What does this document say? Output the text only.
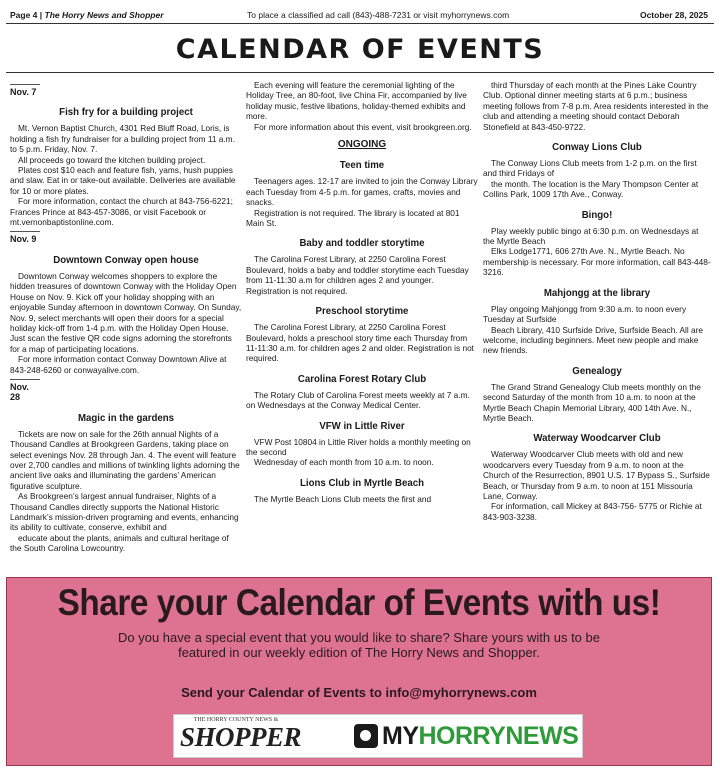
Page 4 | The Horry News and Shopper	To place a classified ad call (843)-488-7231 or visit myhorrynews.com	October 28, 2025
CALENDAR OF EVENTS
Nov. 7
Fish fry for a building project

Mt. Vernon Baptist Church, 4301 Red Bluff Road, Loris, is holding a fish fry fundraiser for a building project from 11 a.m. to 5 p.m. Friday, Nov. 7.

All proceeds go toward the kitchen building project.

Plates cost $10 each and feature fish, yams, hush puppies and slaw. Eat in or take-out available. Deliveries are available for 10 or more plates.

For more information, contact the church at 843-756-6221; Frances Prince at 843-457-3086, or visit Facebook or mt.vernonbaptistonline.com.

Nov. 9
Downtown Conway open house

Downtown Conway welcomes shoppers to explore the hidden treasures of downtown Conway with the Holiday Open House on Nov. 9. Kick off your holiday shopping with an enjoyable Sunday afternoon in downtown Conway. On Sunday, Nov. 9, select merchants will open their doors for a special holiday kick-off from 1-4 p.m. with the Holiday Open House. Just scan the festive QR code signs adorning the storefronts for a map of participating locations.

For more information contact Conway Downtown Alive at 843-248-6260 or conwayalive.com.

Nov. 28
Magic in the gardens

Tickets are now on sale for the 26th annual Nights of a Thousand Candles at Brookgreen Gardens, taking place on select evenings Nov. 28 through Jan. 4. The event will feature over 2,700 candles and millions of twinkling lights adorning the ancient live oaks and illuminating the gardens’ American figurative sculpture.

As Brookgreen’s largest annual fundraiser, Nights of a Thousand Candles directly supports the National Historic Landmark’s mission-driven programing and events, enhancing its ability to cultivate, conserve, exhibit and

educate about the plants, animals and cultural heritage of the South Carolina Lowcountry.

Each evening will feature the ceremonial lighting of the Holiday Tree, an 80-foot, live China Fir, accompanied by live holiday music, festive libations, holiday-themed exhibits and more.

For more information about this event, visit brookgreen.org.

ONGOING
Teen time

Teenagers ages. 12-17 are invited to join the Conway Library each Tuesday from 4-5 p.m. for games, crafts, movies and snacks.

Registration is not required. The library is located at 801 Main St.

Baby and toddler storytime

The Carolina Forest Library, at 2250 Carolina Forest Boulevard, holds a baby and toddler storytime each Tuesday from 11-11:30 a.m for children ages 2 and younger. Registration is not required.

Preschool storytime

The Carolina Forest Library, at 2250 Carolina Forest Boulevard, holds a preschool story time each Thursday from 11-11:30 a.m. for children ages 2 and older. Registration is not required.

Carolina Forest Rotary Club

The Rotary Club of Carolina Forest meets weekly at 7 a.m. on Wednesdays at the Conway Medical Center.

VFW in Little River

VFW Post 10804 in Little River holds a monthly meeting on the second

Wednesday of each month from 10 a.m. to noon.

Lions Club in Myrtle Beach

The Myrtle Beach Lions Club meets the first and

third Thursday of each month at the Pines Lake Country Club. Optional dinner meeting starts at 6 p.m.; business meeting follows from 7-8 p.m. Area residents interested in the club and attending a meeting should contact Deborah Stonefield at 843-450-9722.

Conway Lions Club

The Conway Lions Club meets from 1-2 p.m. on the first and third Fridays of

the month. The location is the Mary Thompson Center at Collins Park, 1009 17th Ave., Conway.

Bingo!

Play weekly public bingo at 6:30 p.m. on Wednesdays at the Myrtle Beach

Elks Lodge1771, 606 27th Ave. N., Myrtle Beach. No membership is necessary. For more information, call 843-448-3216.

Mahjongg at the library

Play ongoing Mahjongg from 9:30 a.m. to noon every Tuesday at Surfside

Beach Library, 410 Surfside Drive, Surfside Beach. All are welcome, including beginners. Meet new people and make new friends.

Genealogy

The Grand Strand Genealogy Club meets monthly on the second Saturday of the month from 10 a.m. to noon at the Myrtle Beach Chapin Memorial Library, 400 14th Ave. N., Myrtle Beach.

Waterway Woodcarver Club

Waterway Woodcarver Club meets with old and new woodcarvers every Tuesday from 9 a.m. to noon at the Church of the Resurrection, 8901 U.S. 17 Bypass S., Surfside Beach, or Thursday from 9 a.m. to noon at 151 Missouria Lane, Conway.

For information, call Mickey at 843-756- 5775 or Richie at 843-903-3238.

Share your Calendar of Events with us!
Do you have a special event that you would like to share? Share yours with us to be
featured in our weekly edition of The Horry News and Shopper.
Send your Calendar of Events to info@myhorrynews.com
THE HORRY COUNTY NEWS &
SHOPPER	MY HORRY NEWS
